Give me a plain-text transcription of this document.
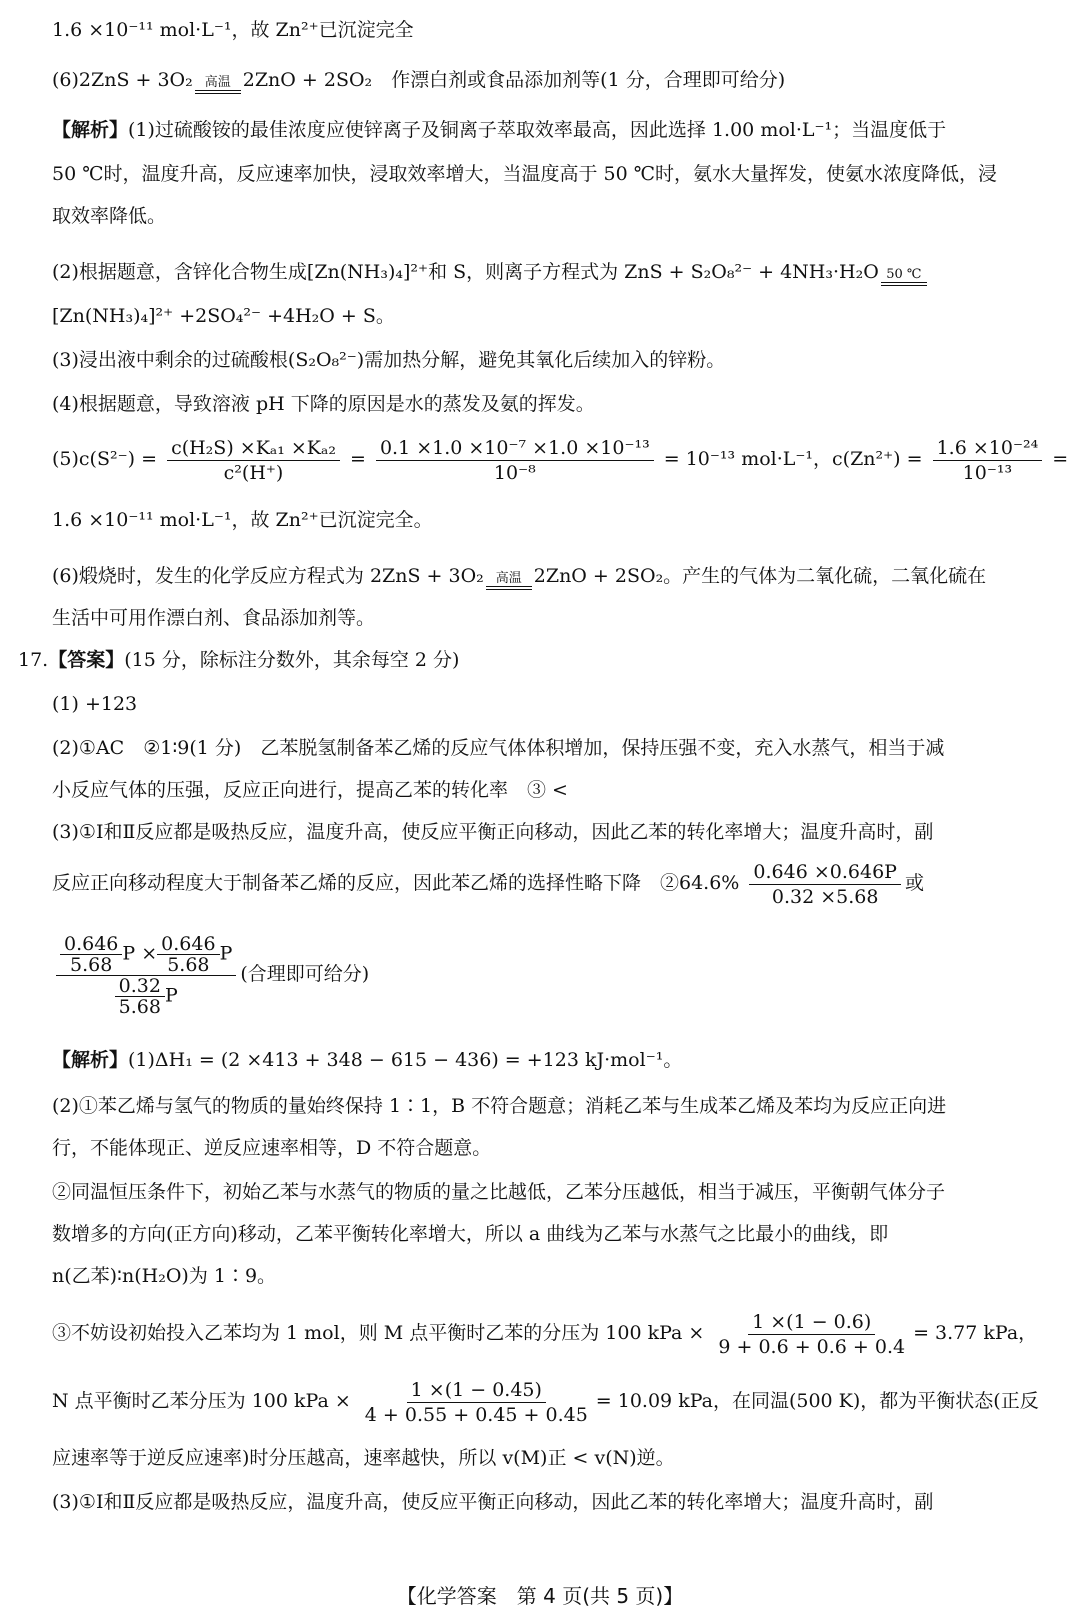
1.6 ×10⁻¹¹ mol·L⁻¹，故 Zn²⁺已沉淀完全
(6)2ZnS + 3O₂ 高温 2ZnO + 2SO₂　作漂白剂或食品添加剂等(1 分，合理即可给分)
【解析】(1)过硫酸铵的最佳浓度应使锌离子及铜离子萃取效率最高，因此选择 1.00 mol·L⁻¹；当温度低于
50 ℃时，温度升高，反应速率加快，浸取效率增大，当温度高于 50 ℃时，氨水大量挥发，使氨水浓度降低，浸
取效率降低。
(2)根据题意，含锌化合物生成[Zn(NH₃)₄]²⁺和 S，则离子方程式为 ZnS + S₂O₈²⁻ + 4NH₃·H₂O 50 ℃
[Zn(NH₃)₄]²⁺ +2SO₄²⁻ +4H₂O + S。
(3)浸出液中剩余的过硫酸根(S₂O₈²⁻)需加热分解，避免其氧化后续加入的锌粉。
(4)根据题意，导致溶液 pH 下降的原因是水的蒸发及氨的挥发。
$(5)c(S^{2-}) = \frac{\text{c(H₂S) ×Kₐ₁ ×Kₐ₂}}{\text{c²(H⁺)}} = \frac{\text{0.1 ×1.0 ×10⁻⁷ ×1.0 ×10⁻¹³}}{\text{10⁻⁸}} = 10^{-13}$ mol·L⁻¹，$c(Zn^{2+}) = \frac{\text{1.6 ×10⁻²⁴}}{\text{10⁻¹³}}$ =
1.6 ×10⁻¹¹ mol·L⁻¹，故 Zn²⁺已沉淀完全。
(6)煅烧时，发生的化学反应方程式为 2ZnS + 3O₂ 高温 2ZnO + 2SO₂。产生的气体为二氧化硫，二氧化硫在
生活中可用作漂白剂、食品添加剂等。
17.【答案】(15 分，除标注分数外，其余每空 2 分)
(1) +123
(2)①AC　②1∶9(1 分)　乙苯脱氢制备苯乙烯的反应气体体积增加，保持压强不变，充入水蒸气，相当于减
小反应气体的压强，反应正向进行，提高乙苯的转化率　③ <
(3)①Ⅰ和Ⅱ反应都是吸热反应，温度升高，使反应平衡正向移动，因此乙苯的转化率增大；温度升高时，副
反应正向移动程度大于制备苯乙烯的反应，因此苯乙烯的选择性略下降　②64.6% $\frac{0.646 \times 0.646P}{0.32 \times 5.68}$ 或
$\frac{\frac{0.646}{5.68} P \times \frac{0.646}{5.68} P}{\frac{0.32}{5.68} P}$ (合理即可给分)
【解析】(1)ΔH₁ = (2 ×413 + 348 − 615 − 436) = +123 kJ·mol⁻¹。
(2)①苯乙烯与氢气的物质的量始终保持 1∶1，B 不符合题意；消耗乙苯与生成苯乙烯及苯均为反应正向进
行，不能体现正、逆反应速率相等，D 不符合题意。
②同温恒压条件下，初始乙苯与水蒸气的物质的量之比越低，乙苯分压越低，相当于减压，平衡朝气体分子
数增多的方向(正方向)移动，乙苯平衡转化率增大，所以 a 曲线为乙苯与水蒸气之比最小的曲线，即
n(乙苯)∶n(H₂O)为 1∶9。
③不妨设初始投入乙苯均为 1 mol，则 M 点平衡时乙苯的分压为 100 kPa × $\frac{1 \times(1 - 0.6)}{9 + 0.6 + 0.6 + 0.4} = 3.77$ kPa，
N 点平衡时乙苯分压为 100 kPa × $\frac{1 \times(1 - 0.45)}{4 + 0.55 + 0.45 + 0.45} = 10.09$ kPa，在同温(500 K)，都为平衡状态(正反
应速率等于逆反应速率)时分压越高，速率越快，所以 v(M)正 < v(N)逆。
(3)①Ⅰ和Ⅱ反应都是吸热反应，温度升高，使反应平衡正向移动，因此乙苯的转化率增大；温度升高时，副
【化学答案　第 4 页(共 5 页)】
